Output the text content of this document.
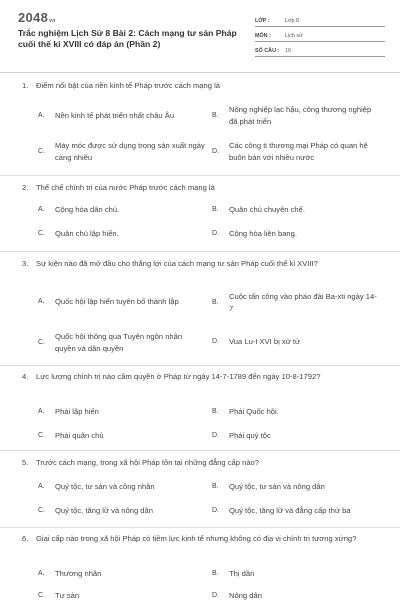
2048vn
Trắc nghiệm Lịch Sử 8 Bài 2: Cách mạng tư sản Pháp cuối thế kỉ XVIII có đáp án (Phần 2)
LỚP :	Lớp 8
MÔN :	Lịch sử
SỐ CÂU :	16
1. Điểm nổi bật của nền kinh tế Pháp trước cách mạng là
A.	Nền kinh tế phát triển nhất châu Âu	B.
Nông nghiệp lạc hậu, công thương nghiệp đã phát triển
C.
Máy móc được sử dụng trong sản xuất ngày càng nhiều
D.
Các công ti thương mại Pháp có quan hệ buôn bán với nhiều nước
2. Thể chế chính trị của nước Pháp trước cách mạng là
A.	Cộng hòa dân chủ.	B.	Quân chủ chuyên chế.
C.	Quân chủ lập hiến.	D.	Cộng hòa liên bang.
3. Sự kiện nào đã mở đầu cho thắng lợi của cách mạng tư sản Pháp cuối thế kỉ XVIII?
A.	Quốc hội lập hiến tuyên bố thành lập	B.
Cuộc tấn công vào pháo đài Ba-xti ngày 14-7
C.
Quốc hội thông qua Tuyên ngôn nhân quyền và dân quyền
D.	Vua Lu-I XVI bị xử tử
4. Lực lượng chính trị nào cầm quyền ở Pháp từ ngày 14-7-1789 đến ngày 10-8-1792?
A.	Phái lập hiến	B.	Phái Quốc hội.
C.	Phái quân chủ	D.	Phái quý tộc
5. Trước cách mạng, trong xã hội Pháp tồn tại những đẳng cấp nào?
A.	Quý tộc, tư sản và công nhân	B.	Quý tộc, tư sản và nông dân
C.	Quý tộc, tăng lữ và nông dân	D.	Quý tộc, tăng lữ và đẳng cấp thứ ba
6. Giai cấp nào trong xã hội Pháp có tiềm lực kinh tế nhưng không có địa vị chính trị tương xứng?
A.	Thương nhân	B.	Thị dân
C.	Tư sản	D.	Nông dân
